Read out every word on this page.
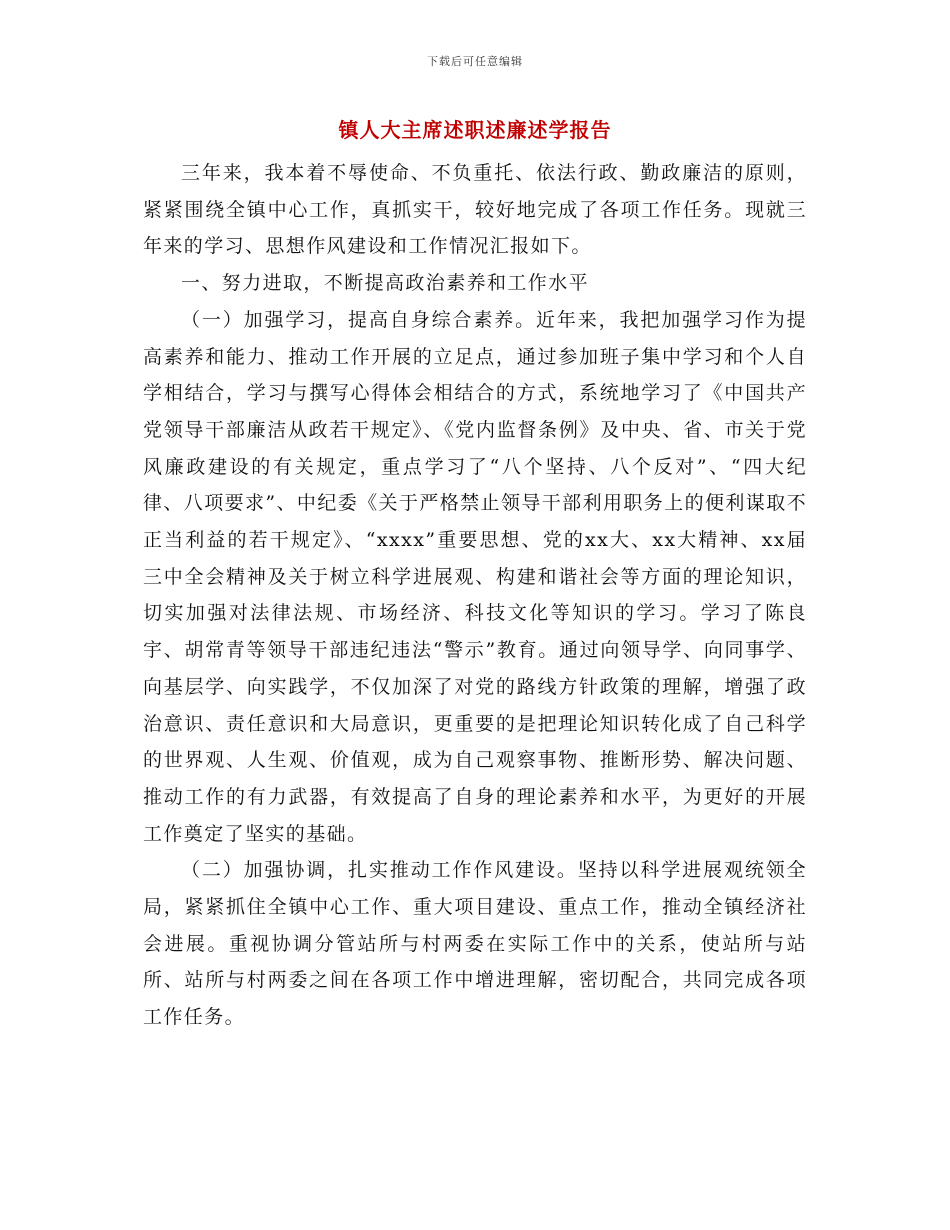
下载后可任意编辑
镇人大主席述职述廉述学报告

三年来，我本着不辱使命、不负重托、依法行政、勤政廉洁的原则，紧紧围绕全镇中心工作，真抓实干，较好地完成了各项工作任务。现就三年来的学习、思想作风建设和工作情况汇报如下。

一、努力进取，不断提高政治素养和工作水平

（一）加强学习，提高自身综合素养。近年来，我把加强学习作为提高素养和能力、推动工作开展的立足点，通过参加班子集中学习和个人自学相结合，学习与撰写心得体会相结合的方式，系统地学习了《中国共产党领导干部廉洁从政若干规定》、《党内监督条例》及中央、省、市关于党风廉政建设的有关规定，重点学习了“八个坚持、八个反对”、“四大纪律、八项要求”、中纪委《关于严格禁止领导干部利用职务上的便利谋取不正当利益的若干规定》、“xxxx”重要思想、党的xx大、xx大精神、xx届三中全会精神及关于树立科学进展观、构建和谐社会等方面的理论知识，切实加强对法律法规、市场经济、科技文化等知识的学习。学习了陈良宇、胡常青等领导干部违纪违法“警示”教育。通过向领导学、向同事学、向基层学、向实践学，不仅加深了对党的路线方针政策的理解，增强了政治意识、责任意识和大局意识，更重要的是把理论知识转化成了自己科学的世界观、人生观、价值观，成为自己观察事物、推断形势、解决问题、推动工作的有力武器，有效提高了自身的理论素养和水平，为更好的开展工作奠定了坚实的基础。

（二）加强协调，扎实推动工作作风建设。坚持以科学进展观统领全局，紧紧抓住全镇中心工作、重大项目建设、重点工作，推动全镇经济社会进展。重视协调分管站所与村两委在实际工作中的关系，使站所与站所、站所与村两委之间在各项工作中增进理解，密切配合，共同完成各项工作任务。
